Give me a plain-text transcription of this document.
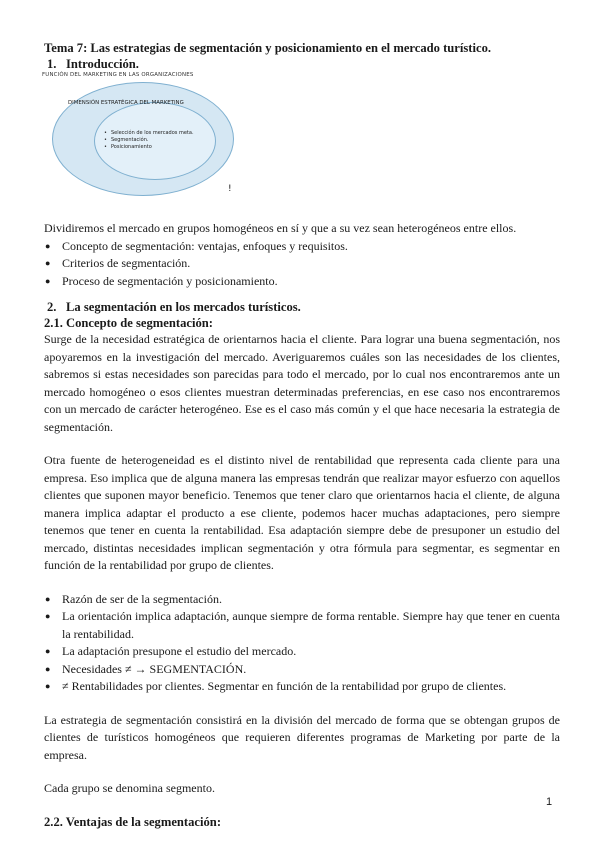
Tema 7: Las estrategias de segmentación y posicionamiento en el mercado turístico.
1. Introducción.
FUNCIÓN DEL MARKETING EN LAS ORGANIZACIONES
DIMENSIÓN ESTRATÉGICA DEL MARKETING
• Selección de los mercados meta.
• Segmentación.
• Posicionamiento
!

Dividiremos el mercado en grupos homogéneos en sí y que a su vez sean heterogéneos entre ellos.

● Concepto de segmentación: ventajas, enfoques y requisitos.
● Criterios de segmentación.
● Proceso de segmentación y posicionamiento.
2. La segmentación en los mercados turísticos.
2.1. Concepto de segmentación:

Surge de la necesidad estratégica de orientarnos hacia el cliente. Para lograr una buena segmentación, nos apoyaremos en la investigación del mercado. Averiguaremos cuáles son las necesidades de los clientes, sabremos si estas necesidades son parecidas para todo el mercado, por lo cual nos encontraremos ante un mercado homogéneo o esos clientes muestran determinadas preferencias, en ese caso nos encontraremos con un mercado de carácter heterogéneo. Ese es el caso más común y el que hace necesaria la estrategia de segmentación.

Otra fuente de heterogeneidad es el distinto nivel de rentabilidad que representa cada cliente para una empresa. Eso implica que de alguna manera las empresas tendrán que realizar mayor esfuerzo con aquellos clientes que suponen mayor beneficio. Tenemos que tener claro que orientarnos hacia el cliente, de alguna manera implica adaptar el producto a ese cliente, podemos hacer muchas adaptaciones, pero siempre tenemos que tener en cuenta la rentabilidad. Esa adaptación siempre debe de presuponer un estudio del mercado, distintas necesidades implican segmentación y otra fórmula para segmentar, es segmentar en función de la rentabilidad por grupo de clientes.

● Razón de ser de la segmentación.
● La orientación implica adaptación, aunque siempre de forma rentable. Siempre hay que tener en cuenta la rentabilidad.
● La adaptación presupone el estudio del mercado.
● Necesidades ≠ → SEGMENTACIÓN.
● ≠ Rentabilidades por clientes. Segmentar en función de la rentabilidad por grupo de clientes.

La estrategia de segmentación consistirá en la división del mercado de forma que se obtengan grupos de clientes de turísticos homogéneos que requieren diferentes programas de Marketing por parte de la empresa.

Cada grupo se denomina segmento.

2.2. Ventajas de la segmentación:
1
